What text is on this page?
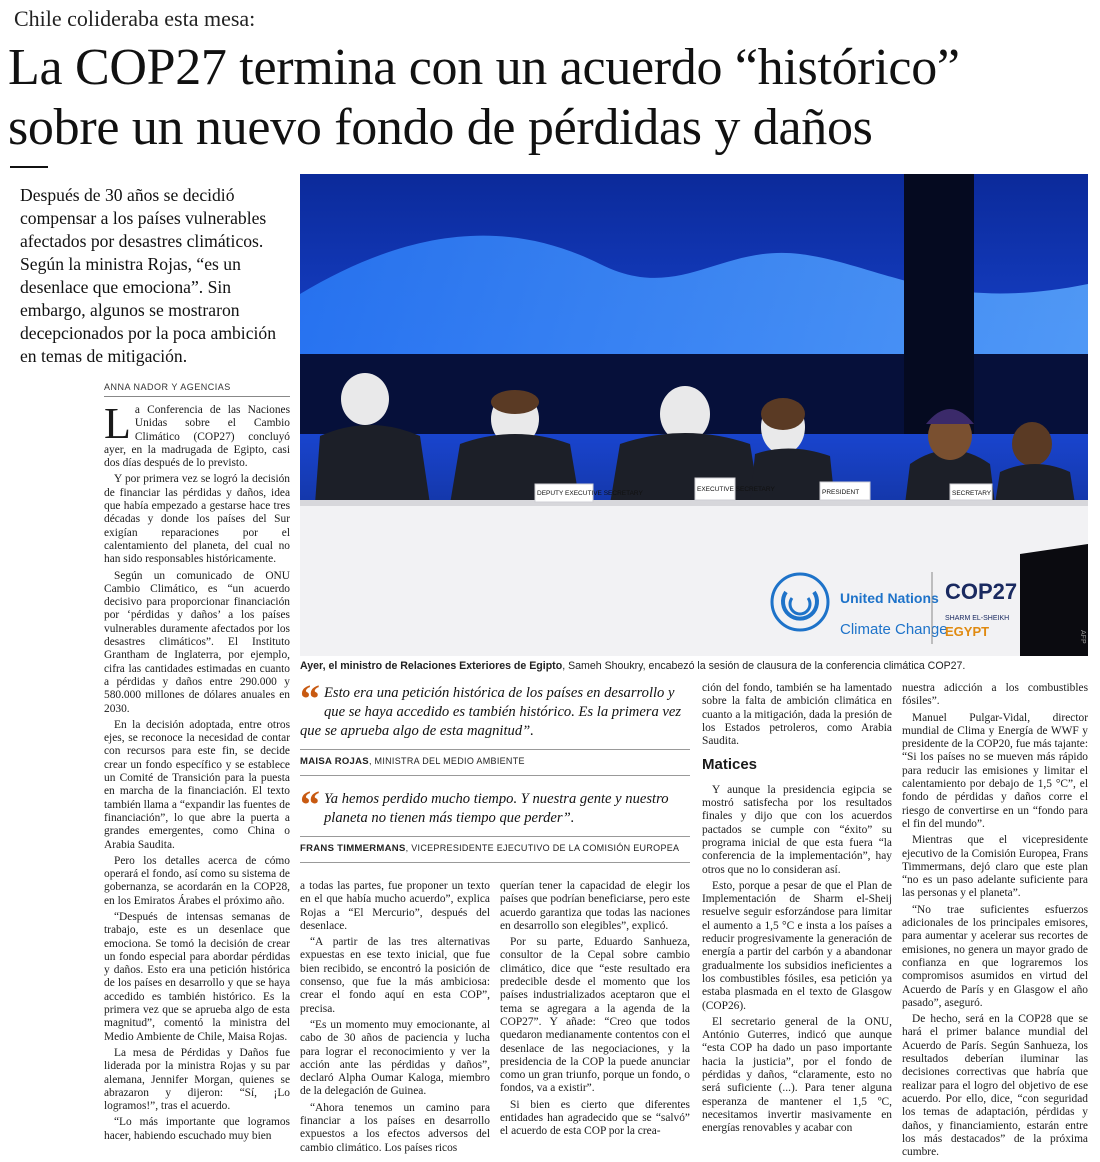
Chile colideraba esta mesa:
La COP27 termina con un acuerdo “histórico”
sobre un nuevo fondo de pérdidas y daños
Después de 30 años se decidió compensar a los países vulnerables afectados por desastres climáticos. Según la ministra Rojas, “es un desenlace que emociona”. Sin embargo, algunos se mostraron decepcionados por la poca ambición en temas de mitigación.
ANNA NADOR Y AGENCIAS

La Conferencia de las Naciones Unidas sobre el Cambio Climático (COP27) concluyó ayer, en la madrugada de Egipto, casi dos días después de lo previsto.

Y por primera vez se logró la decisión de financiar las pérdidas y daños, idea que había empezado a gestarse hace tres décadas y donde los países del Sur exigían reparaciones por el calentamiento del planeta, del cual no han sido responsables históricamente.

Según un comunicado de ONU Cambio Climático, es “un acuerdo decisivo para proporcionar financiación por ‘pérdidas y daños’ a los países vulnerables duramente afectados por los desastres climáticos”. El Instituto Grantham de Inglaterra, por ejemplo, cifra las cantidades estimadas en cuanto a pérdidas y daños entre 290.000 y 580.000 millones de dólares anuales en 2030.

En la decisión adoptada, entre otros ejes, se reconoce la necesidad de contar con recursos para este fin, se decide crear un fondo específico y se establece un Comité de Transición para la puesta en marcha de la financiación. El texto también llama a “expandir las fuentes de financiación”, lo que abre la puerta a grandes emergentes, como China o Arabia Saudita.

Pero los detalles acerca de cómo operará el fondo, así como su sistema de gobernanza, se acordarán en la COP28, en los Emiratos Árabes el próximo año.

“Después de intensas semanas de trabajo, este es un desenlace que emociona. Se tomó la decisión de crear un fondo especial para abordar pérdidas y daños. Esto era una petición histórica de los países en desarrollo y que se haya accedido es también histórico. Es la primera vez que se aprueba algo de esta magnitud”, comentó la ministra del Medio Ambiente de Chile, Maisa Rojas.

La mesa de Pérdidas y Daños fue liderada por la ministra Rojas y su par alemana, Jennifer Morgan, quienes se abrazaron y dijeron: “Sí, ¡Lo logramos!”, tras el acuerdo.

“Lo más importante que logramos hacer, habiendo escuchado muy bien

DEPUTY EXECUTIVE SECRETARY
EXECUTIVE SECRETARY	PRESIDENT	SECRETARY
United Nations
Climate Change
COP27
SHARM EL-SHEIKH
EGYPT	AFP
Ayer, el ministro de Relaciones Exteriores de Egipto, Sameh Shoukry, encabezó la sesión de clausura de la conferencia climática COP27.
“ Esto era una petición histórica de los países en desarrollo y que se haya accedido es también histórico. Es la primera vez que se aprueba algo de esta magnitud”.
MAISA ROJAS, MINISTRA DEL MEDIO AMBIENTE
“ Ya hemos perdido mucho tiempo. Y nuestra gente y nuestro planeta no tienen más tiempo que perder”.
FRANS TIMMERMANS, VICEPRESIDENTE EJECUTIVO DE LA COMISIÓN EUROPEA

a todas las partes, fue proponer un texto en el que había mucho acuerdo”, explica Rojas a “El Mercurio”, después del desenlace.

“A partir de las tres alternativas expuestas en ese texto inicial, que fue bien recibido, se encontró la posición de consenso, que fue la más ambiciosa: crear el fondo aquí en esta COP”, precisa.

“Es un momento muy emocionante, al cabo de 30 años de paciencia y lucha para lograr el reconocimiento y ver la acción ante las pérdidas y daños”, declaró Alpha Oumar Kaloga, miembro de la delegación de Guinea.

“Ahora tenemos un camino para financiar a los países en desarrollo expuestos a los efectos adversos del cambio climático. Los países ricos

querían tener la capacidad de elegir los países que podrían beneficiarse, pero este acuerdo garantiza que todas las naciones en desarrollo son elegibles”, explicó.

Por su parte, Eduardo Sanhueza, consultor de la Cepal sobre cambio climático, dice que “este resultado era predecible desde el momento que los países industrializados aceptaron que el tema se agregara a la agenda de la COP27”. Y añade: “Creo que todos quedaron medianamente contentos con el desenlace de las negociaciones, y la presidencia de la COP la puede anunciar como un gran triunfo, porque un fondo, o fondos, va a existir”.

Si bien es cierto que diferentes entidades han agradecido que se “salvó” el acuerdo de esta COP por la crea-

ción del fondo, también se ha lamentado sobre la falta de ambición climática en cuanto a la mitigación, dada la presión de los Estados petroleros, como Arabia Saudita.

Matices

Y aunque la presidencia egipcia se mostró satisfecha por los resultados finales y dijo que con los acuerdos pactados se cumple con “éxito” su programa inicial de que esta fuera “la conferencia de la implementación”, hay otros que no lo consideran así.

Esto, porque a pesar de que el Plan de Implementación de Sharm el-Sheij resuelve seguir esforzándose para limitar el aumento a 1,5 °C e insta a los países a reducir progresivamente la generación de energía a partir del carbón y a abandonar gradualmente los subsidios ineficientes a los combustibles fósiles, esa petición ya estaba plasmada en el texto de Glasgow (COP26).

El secretario general de la ONU, António Guterres, indicó que aunque “esta COP ha dado un paso importante hacia la justicia”, por el fondo de pérdidas y daños, “claramente, esto no será suficiente (...). Para tener alguna esperanza de mantener el 1,5 ºC, necesitamos invertir masivamente en energías renovables y acabar con

nuestra adicción a los combustibles fósiles”.

Manuel Pulgar-Vidal, director mundial de Clima y Energía de WWF y presidente de la COP20, fue más tajante: “Si los países no se mueven más rápido para reducir las emisiones y limitar el calentamiento por debajo de 1,5 °C”, el fondo de pérdidas y daños corre el riesgo de convertirse en un “fondo para el fin del mundo”.

Mientras que el vicepresidente ejecutivo de la Comisión Europea, Frans Timmermans, dejó claro que este plan “no es un paso adelante suficiente para las personas y el planeta”.

“No trae suficientes esfuerzos adicionales de los principales emisores, para aumentar y acelerar sus recortes de emisiones, no genera un mayor grado de confianza en que lograremos los compromisos asumidos en virtud del Acuerdo de París y en Glasgow el año pasado”, aseguró.

De hecho, será en la COP28 que se hará el primer balance mundial del Acuerdo de París. Según Sanhueza, los resultados deberían iluminar las decisiones correctivas que habría que realizar para el logro del objetivo de ese acuerdo. Por ello, dice, “con seguridad los temas de adaptación, pérdidas y daños, y financiamiento, estarán entre los más destacados” de la próxima cumbre.
